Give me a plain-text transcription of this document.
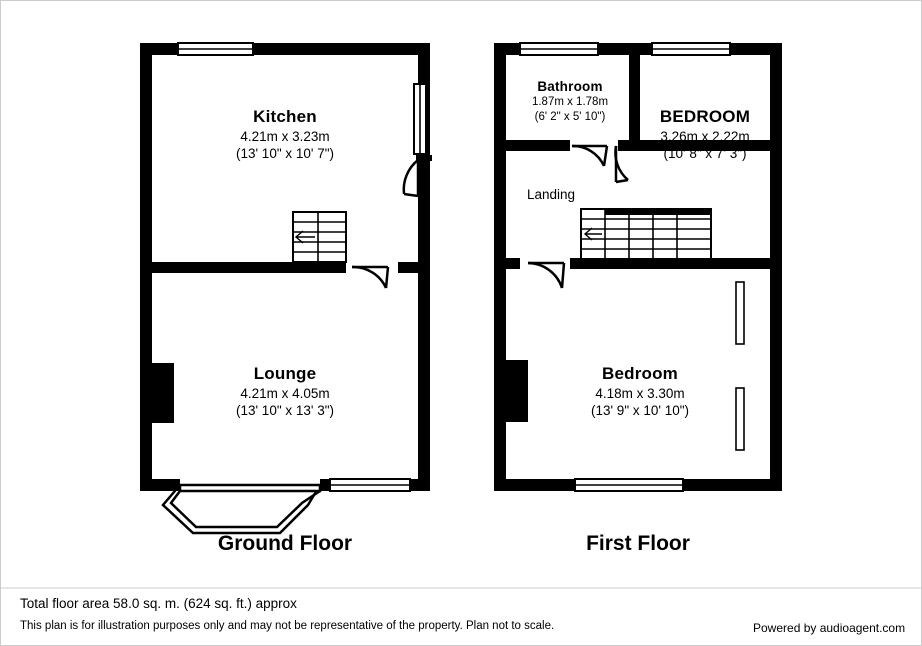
Kitchen
4.21m x 3.23m
(13' 10" x 10' 7")
Lounge
4.21m x 4.05m
(13' 10" x 13' 3")
Bathroom
1.87m x 1.78m
(6' 2" x 5' 10")	BEDROOM
3.26m x 2.22m
(10' 8" x 7' 3")
Landing
Bedroom
4.18m x 3.30m
(13' 9" x 10' 10")
Ground Floor	First Floor
Total floor area 58.0 sq. m. (624 sq. ft.) approx
This plan is for illustration purposes only and may not be representative of the property. Plan not to scale.	Powered by audioagent.com
